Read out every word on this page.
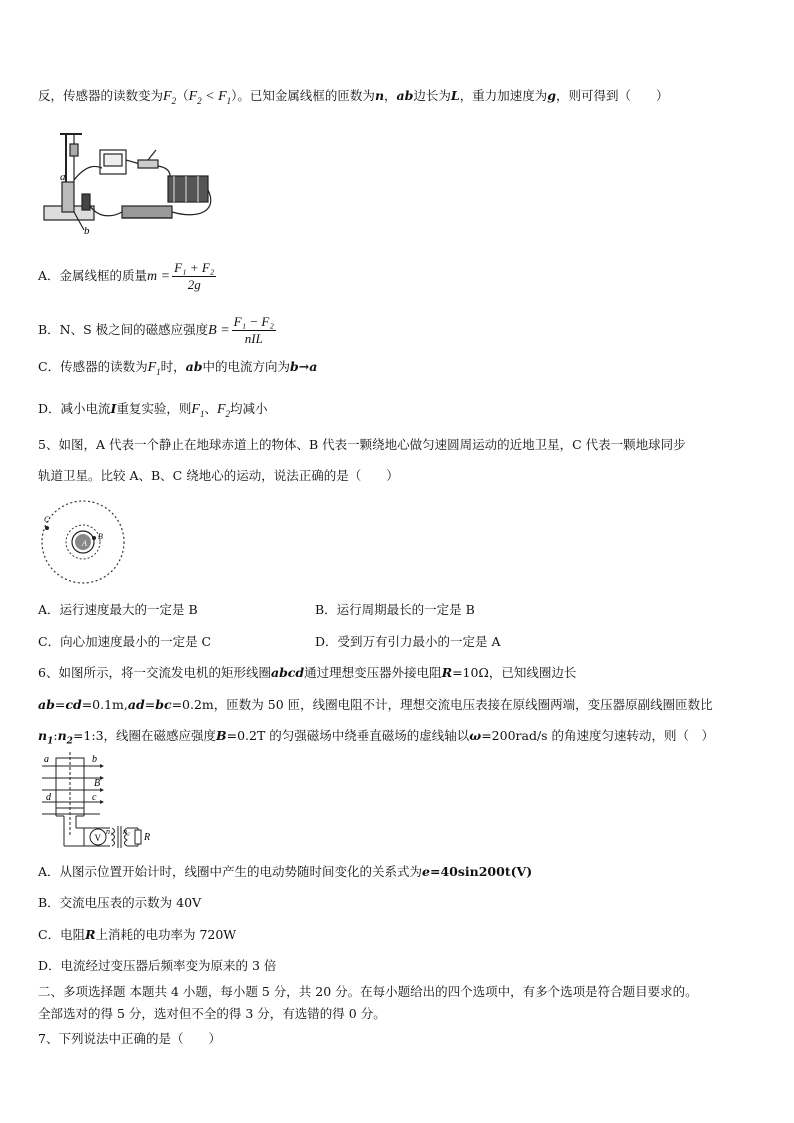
反，传感器的读数变为$F_2(F_2 < F_1)$。已知金属线框的匝数为n，ab边长为L，重力加速度为g，则可得到（　　）
a
b
A．金属线框的质量$m = \frac{\text{F₁ + F₂}}{2g}$
B．N、S 极之间的磁感应强度$B = \frac{\text{F₁ − F₂}}{\text{nIL}}$
C．传感器的读数为$F_1$时，ab中的电流方向为b→a
D．减小电流I重复实验，则$F_1$、$F_2$均减小
5、如图，A 代表一个静止在地球赤道上的物体、B 代表一颗绕地心做匀速圆周运动的近地卫星，C 代表一颗地球同步
轨道卫星。比较 A、B、C 绕地心的运动，说法正确的是（　　）
A
B
C
A．运行速度最大的一定是 B	B．运行周期最长的一定是 B
C．向心加速度最小的一定是 C	D．受到万有引力最小的一定是 A
6、如图所示，将一交流发电机的矩形线圈abcd通过理想变压器外接电阻R=10Ω，已知线圈边长
ab=cd=0.1m,ad=bc=0.2m，匝数为 50 匝，线圈电阻不计，理想交流电压表接在原线圈两端，变压器原副线圈匝数比
$n_1:n_2=1:3$，线圈在磁感应强度B=0.2T 的匀强磁场中绕垂直磁场的虚线轴以ω=200rad/s 的角速度匀速转动，则（　）
a	b
B
d	c
V
n₁ n₂
R
A．从图示位置开始计时，线圈中产生的电动势随时间变化的关系式为e=40sin200t(V)
B．交流电压表的示数为 40V
C．电阻R上消耗的电功率为 720W
D．电流经过变压器后频率变为原来的 3 倍
二、多项选择题 本题共 4 小题，每小题 5 分，共 20 分。在每小题给出的四个选项中，有多个选项是符合题目要求的。
全部选对的得 5 分，选对但不全的得 3 分，有选错的得 0 分。
7、下列说法中正确的是（　　）
